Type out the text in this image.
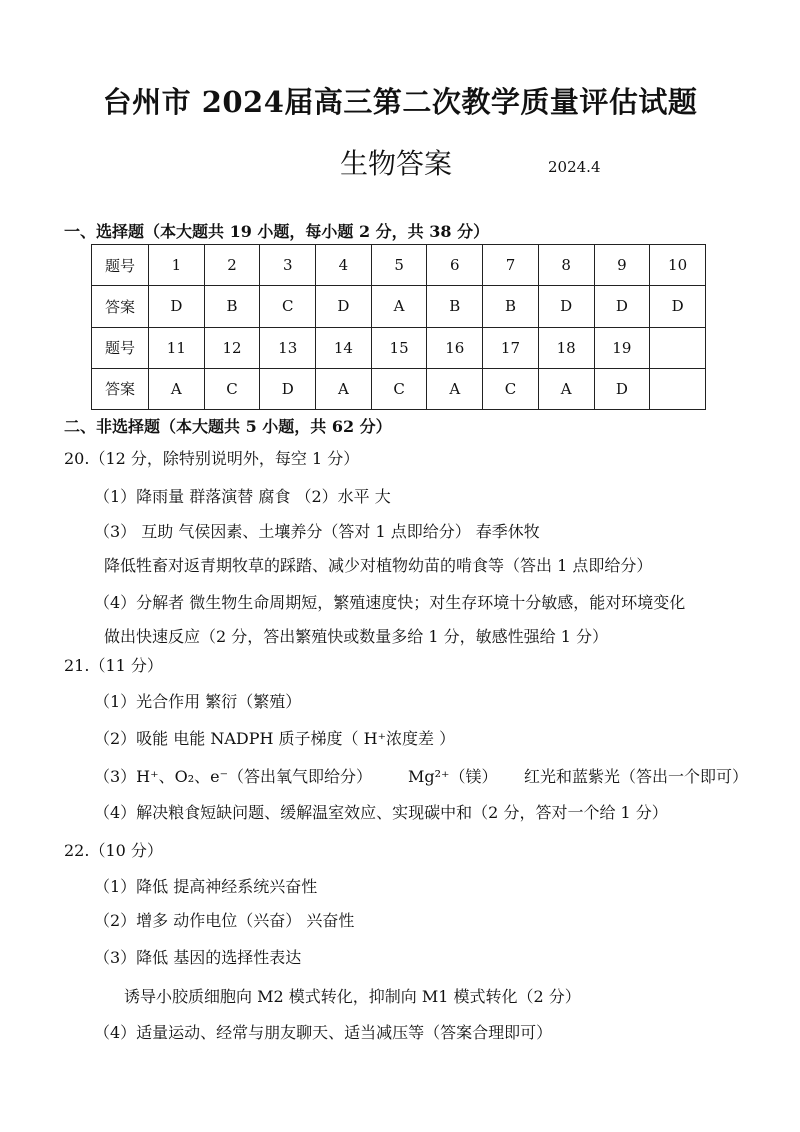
台州市 2024届高三第二次教学质量评估试题
生物答案	2024.4
一、选择题（本大题共 19 小题，每小题 2 分，共 38 分）
题号	1	2	3	4	5	6	7	8	9	10
答案	D	B	C	D	A	B	B	D	D	D
题号	11	12	13	14	15	16	17	18	19	
答案	A	C	D	A	C	A	C	A	D	
二、非选择题（本大题共 5 小题，共 62 分）
20.（12 分，除特别说明外，每空 1 分）
（1）降雨量 群落演替 腐食 （2）水平 大
（3） 互助 气侯因素、土壤养分（答对 1 点即给分） 春季休牧
降低牲畜对返青期牧草的踩踏、减少对植物幼苗的啃食等（答出 1 点即给分）
（4）分解者 微生物生命周期短，繁殖速度快；对生存环境十分敏感，能对环境变化
做出快速反应（2 分，答出繁殖快或数量多给 1 分，敏感性强给 1 分）
21.（11 分）
（1）光合作用 繁衍（繁殖）
（2）吸能 电能 NADPH 质子梯度（ H⁺浓度差 ）
（3）H⁺、O₂、e⁻（答出氧气即给分） Mg²⁺（镁） 红光和蓝紫光（答出一个即可）
（4）解决粮食短缺问题、缓解温室效应、实现碳中和（2 分，答对一个给 1 分）
22.（10 分）
（1）降低 提高神经系统兴奋性
（2）增多 动作电位（兴奋） 兴奋性
（3）降低 基因的选择性表达
诱导小胶质细胞向 M2 模式转化，抑制向 M1 模式转化（2 分）
（4）适量运动、经常与朋友聊天、适当减压等（答案合理即可）
